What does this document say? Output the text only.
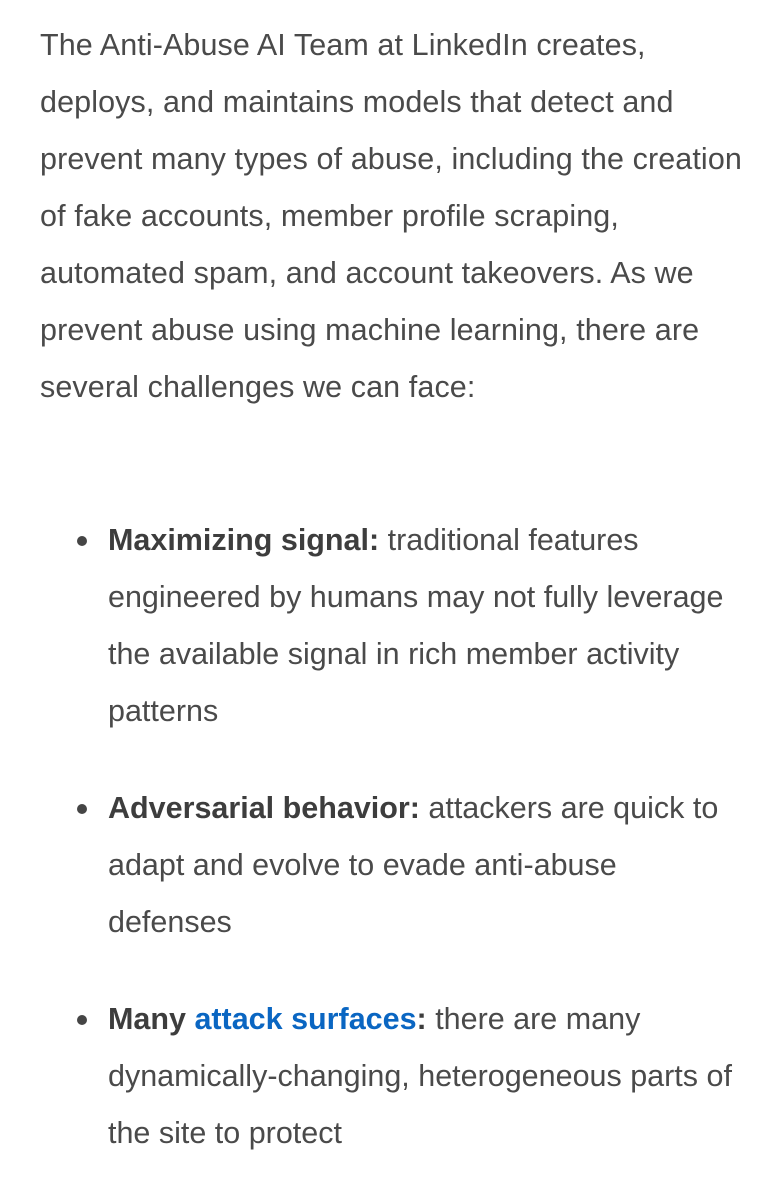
The Anti-Abuse AI Team at LinkedIn creates, deploys, and maintains models that detect and prevent many types of abuse, including the creation of fake accounts, member profile scraping, automated spam, and account takeovers. As we prevent abuse using machine learning, there are several challenges we can face:

Maximizing signal: traditional features engineered by humans may not fully leverage the available signal in rich member activity patterns
Adversarial behavior: attackers are quick to adapt and evolve to evade anti-abuse defenses
Many attack surfaces: there are many dynamically-changing, heterogeneous parts of the site to protect
